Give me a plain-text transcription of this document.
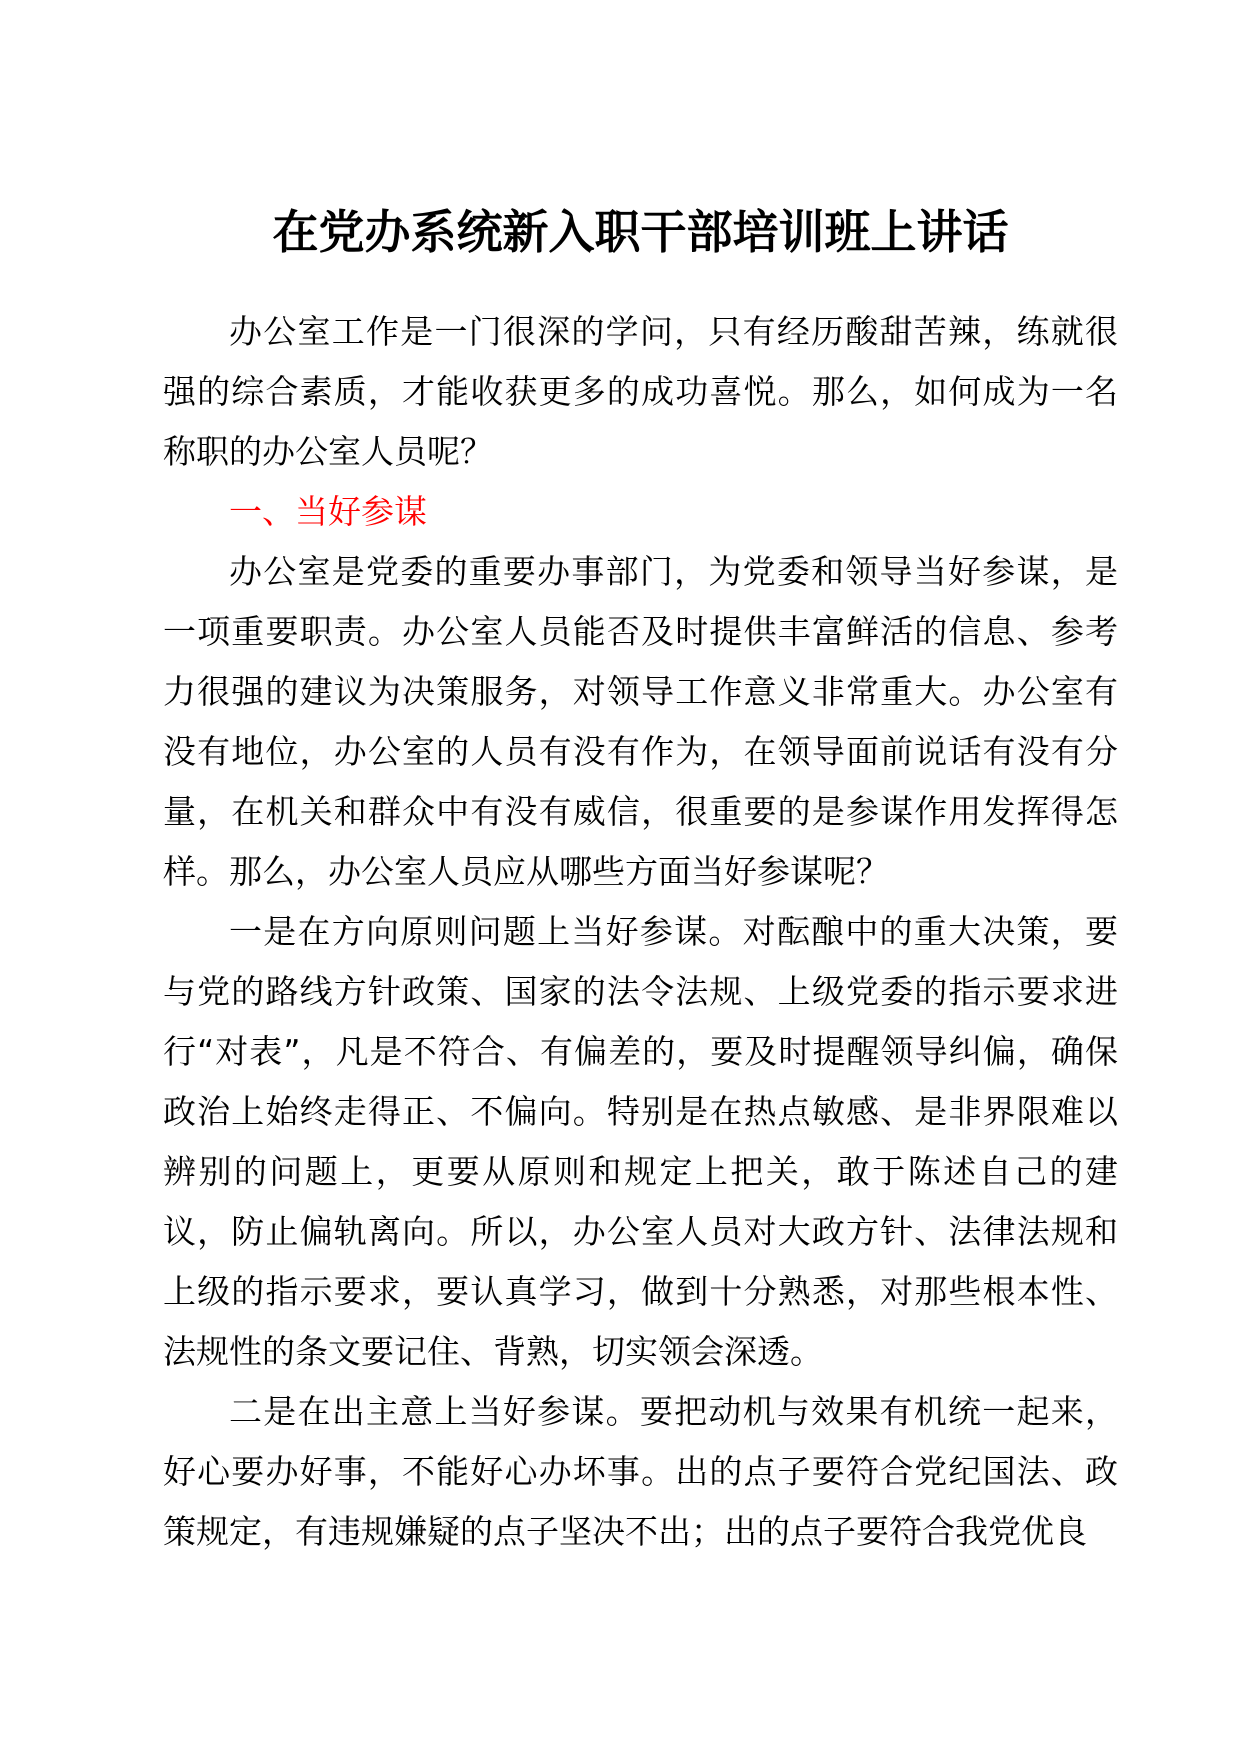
在党办系统新入职干部培训班上讲话

办公室工作是一门很深的学问，只有经历酸甜苦辣，练就很强的综合素质，才能收获更多的成功喜悦。那么，如何成为一名称职的办公室人员呢？

一、当好参谋

办公室是党委的重要办事部门，为党委和领导当好参谋，是一项重要职责。办公室人员能否及时提供丰富鲜活的信息、参考力很强的建议为决策服务，对领导工作意义非常重大。办公室有没有地位，办公室的人员有没有作为，在领导面前说话有没有分量，在机关和群众中有没有威信，很重要的是参谋作用发挥得怎样。那么，办公室人员应从哪些方面当好参谋呢？

一是在方向原则问题上当好参谋。对酝酿中的重大决策，要与党的路线方针政策、国家的法令法规、上级党委的指示要求进行“对表”，凡是不符合、有偏差的，要及时提醒领导纠偏，确保政治上始终走得正、不偏向。特别是在热点敏感、是非界限难以辨别的问题上，更要从原则和规定上把关，敢于陈述自己的建议，防止偏轨离向。所以，办公室人员对大政方针、法律法规和上级的指示要求，要认真学习，做到十分熟悉，对那些根本性、法规性的条文要记住、背熟，切实领会深透。

二是在出主意上当好参谋。要把动机与效果有机统一起来，好心要办好事，不能好心办坏事。出的点子要符合党纪国法、政策规定，有违规嫌疑的点子坚决不出；出的点子要符合我党优良
